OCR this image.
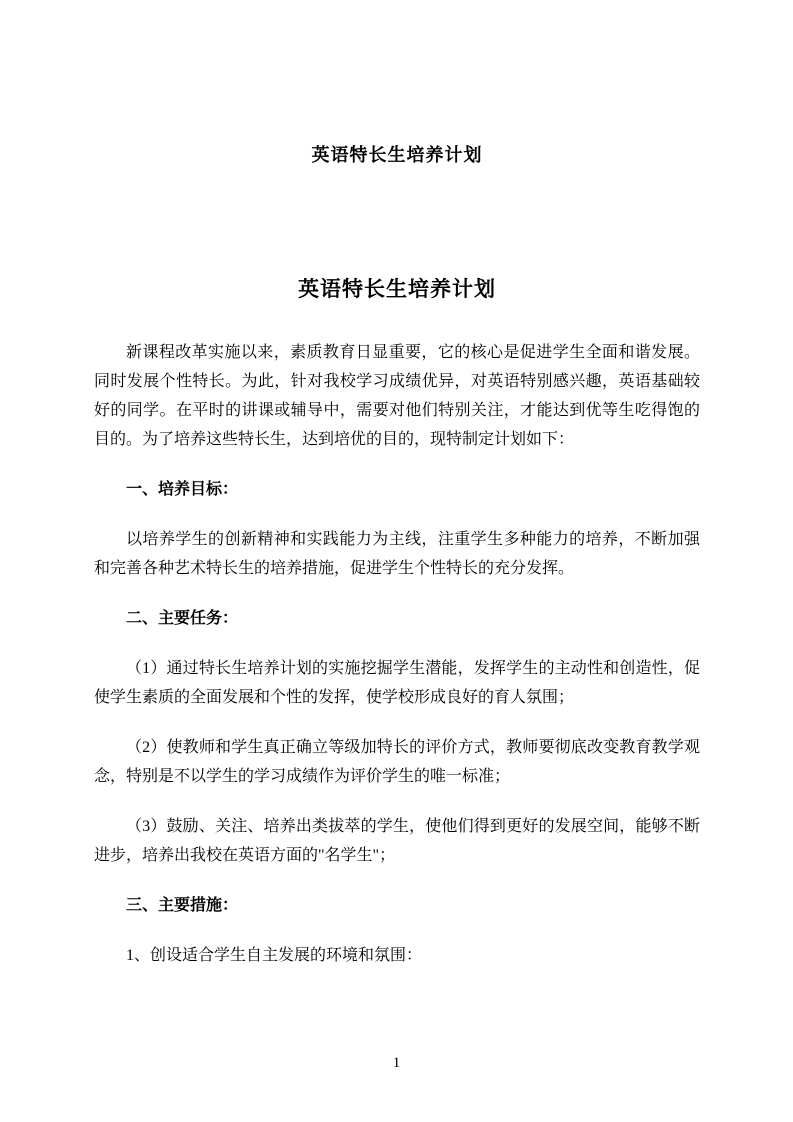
英语特长生培养计划
英语特长生培养计划

新课程改革实施以来，素质教育日显重要，它的核心是促进学生全面和谐发展。同时发展个性特长。为此，针对我校学习成绩优异，对英语特别感兴趣，英语基础较好的同学。在平时的讲课或辅导中，需要对他们特别关注，才能达到优等生吃得饱的目的。为了培养这些特长生，达到培优的目的，现特制定计划如下：

一、培养目标：

以培养学生的创新精神和实践能力为主线，注重学生多种能力的培养，不断加强和完善各种艺术特长生的培养措施，促进学生个性特长的充分发挥。

二、主要任务：

（1）通过特长生培养计划的实施挖掘学生潜能，发挥学生的主动性和创造性，促使学生素质的全面发展和个性的发挥，使学校形成良好的育人氛围；

（2）使教师和学生真正确立等级加特长的评价方式，教师要彻底改变教育教学观念，特别是不以学生的学习成绩作为评价学生的唯一标准；

（3）鼓励、关注、培养出类拔萃的学生，使他们得到更好的发展空间，能够不断进步，培养出我校在英语方面的"名学生"；

三、主要措施：

1、创设适合学生自主发展的环境和氛围：

1
